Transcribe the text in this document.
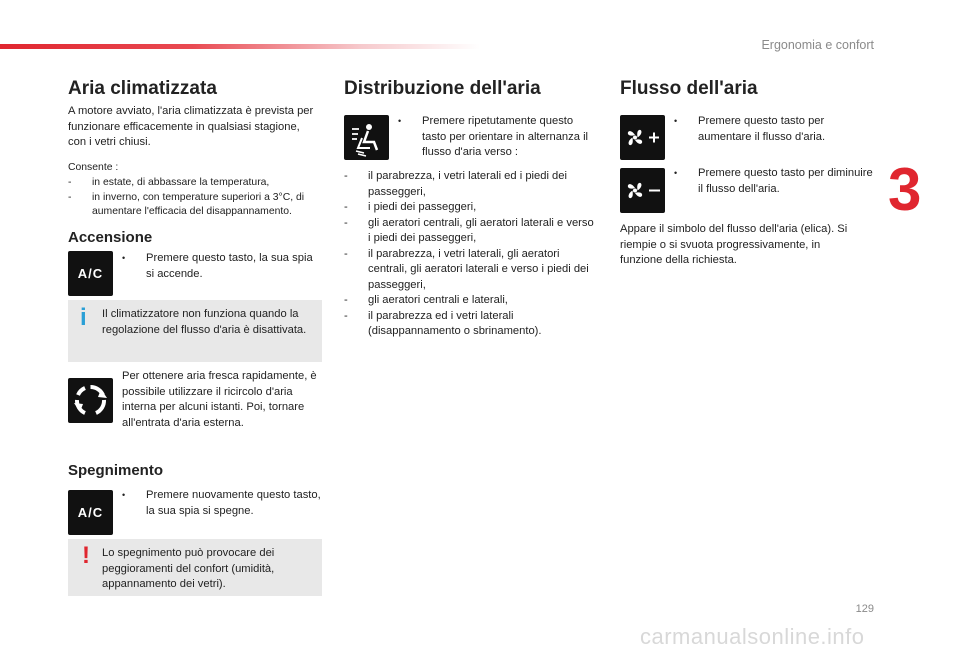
Ergonomia e confort
3
129
carmanualsonline.info
Aria climatizzata
A motore avviato, l'aria climatizzata è prevista per funzionare efficacemente in qualsiasi stagione, con i vetri chiusi.
Consente :
- in estate, di abbassare la temperatura,
- in inverno, con temperature superiori a 3°C, di aumentare l'efficacia del disappannamento.
Accensione
A/C
• Premere questo tasto, la sua spia si accende.
i Il climatizzatore non funziona quando la regolazione del flusso d'aria è disattivata.
Per ottenere aria fresca rapidamente, è possibile utilizzare il ricircolo d'aria interna per alcuni istanti. Poi, tornare all'entrata d'aria esterna.
Spegnimento
A/C
• Premere nuovamente questo tasto, la sua spia si spegne.
! Lo spegnimento può provocare dei peggioramenti del confort (umidità, appannamento dei vetri).
Distribuzione dell'aria
• Premere ripetutamente questo tasto per orientare in alternanza il flusso d'aria verso :
- il parabrezza, i vetri laterali ed i piedi dei passeggeri,
- i piedi dei passeggeri,
- gli aeratori centrali, gli aeratori laterali e verso i piedi dei passeggeri,
- il parabrezza, i vetri laterali, gli aeratori centrali, gli aeratori laterali e verso i piedi dei passeggeri,
- gli aeratori centrali e laterali,
- il parabrezza ed i vetri laterali (disappannamento o sbrinamento).
Flusso dell'aria
• Premere questo tasto per aumentare il flusso d'aria.
• Premere questo tasto per diminuire il flusso dell'aria.
Appare il simbolo del flusso dell'aria (elica). Si riempie o si svuota progressivamente, in funzione della richiesta.
